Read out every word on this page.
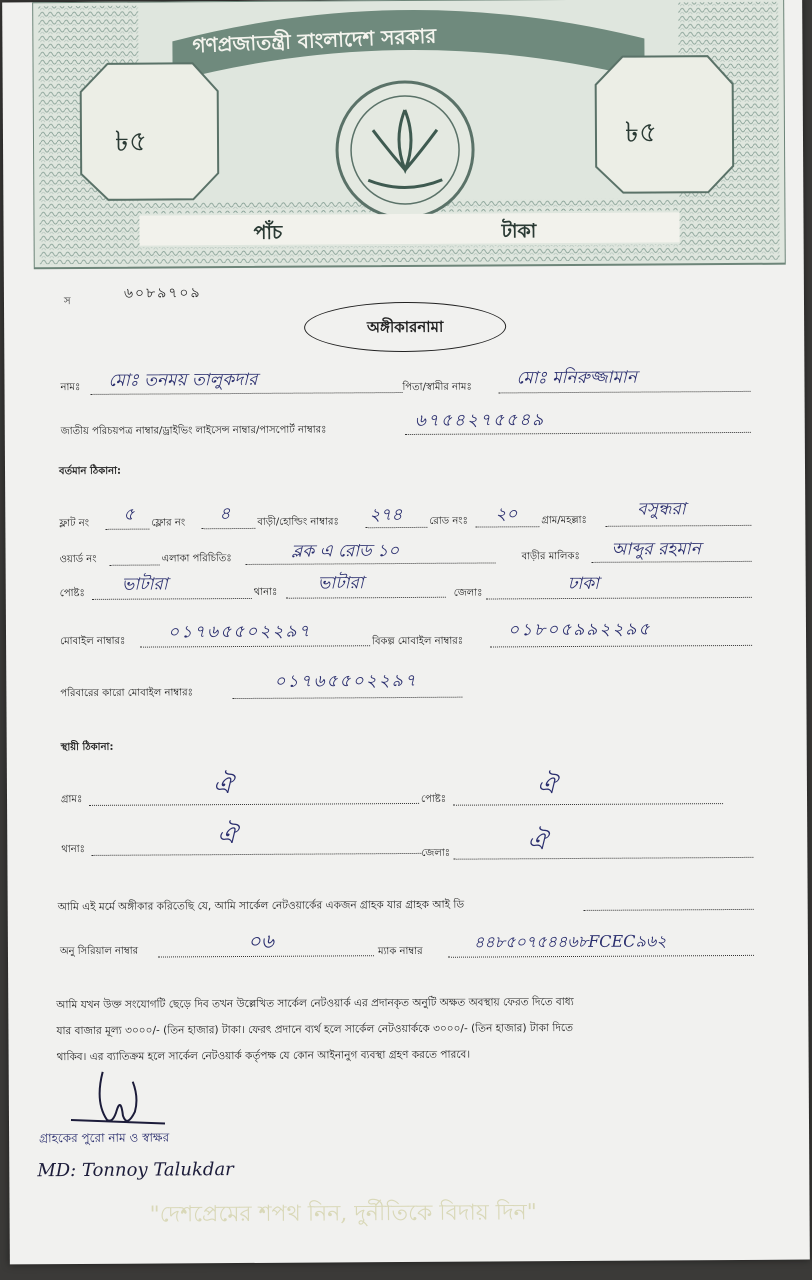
গণপ্রজাতন্ত্রী বাংলাদেশ সরকার
৳৫	৳৫
পাঁচ	টাকা
স	৬০৮৯৭০৯
অঙ্গীকারনামা
নামঃ মোঃ তনময় তালুকদার	পিতা/স্বামীর নামঃ	মোঃ মনিরুজ্জামান
জাতীয় পরিচয়পত্র নাম্বার/ড্রাইভিং লাইসেন্স নাম্বার/পাসপোর্ট নাম্বারঃ	৬৭৫৪২৭৫৫৪৯
বর্তমান ঠিকানা:
ফ্লাট নং ৫ ফ্লোর নং ৪	বাড়ী/হোল্ডিং নাম্বারঃ ২৭৪	রোড নংঃ ২০ গ্রাম/মহল্লাঃ
বসুন্ধরা
ওয়ার্ড নং	এলাকা পরিচিতিঃ	ব্লক এ রোড ১০	বাড়ীর মালিকঃ আব্দুর রহমান
পোষ্টঃ ভাটারা	থানাঃ ভাটারা	জেলাঃ	ঢাকা
মোবাইল নাম্বারঃ	০১৭৬৫৫০২২৯৭	বিকল্প মোবাইল নাম্বারঃ
০১৮০৫৯৯২২৯৫
পরিবারের কারো মোবাইল নাম্বারঃ
০১৭৬৫৫০২২৯৭
স্থায়ী ঠিকানা:
গ্রামঃ
ঐ
পোষ্টঃ
ঐ
থানাঃ
ঐ
জেলাঃ	ঐ
আমি এই মর্মে অঙ্গীকার করিতেছি যে, আমি সার্কেল নেটওয়ার্কের একজন গ্রাহক যার গ্রাহক আই ডি
অনু সিরিয়াল নাম্বার	০৬	ম্যাক নাম্বার	৪৪৮৫০৭৫৪৪৬৮FCEC৯৬২
আমি যখন উক্ত সংযোগটি ছেড়ে দিব তখন উল্লেখিত সার্কেল নেটওয়ার্ক এর প্রদানকৃত অনুটি অক্ষত অবস্থায় ফেরত দিতে বাধ্য
যার বাজার মূল্য ৩০০০/- (তিন হাজার) টাকা। ফেরৎ প্রদানে ব্যর্থ হলে সার্কেল নেটওয়ার্ককে ৩০০০/- (তিন হাজার) টাকা দিতে
থাকিব। এর ব্যাতিক্রম হলে সার্কেল নেটওয়ার্ক কর্তৃপক্ষ যে কোন আইনানুগ ব্যবস্থা গ্রহণ করতে পারবে।
গ্রাহকের পুরো নাম ও স্বাক্ষর
MD: Tonnoy Talukdar
"দেশপ্রেমের শপথ নিন, দুর্নীতিকে বিদায় দিন"
